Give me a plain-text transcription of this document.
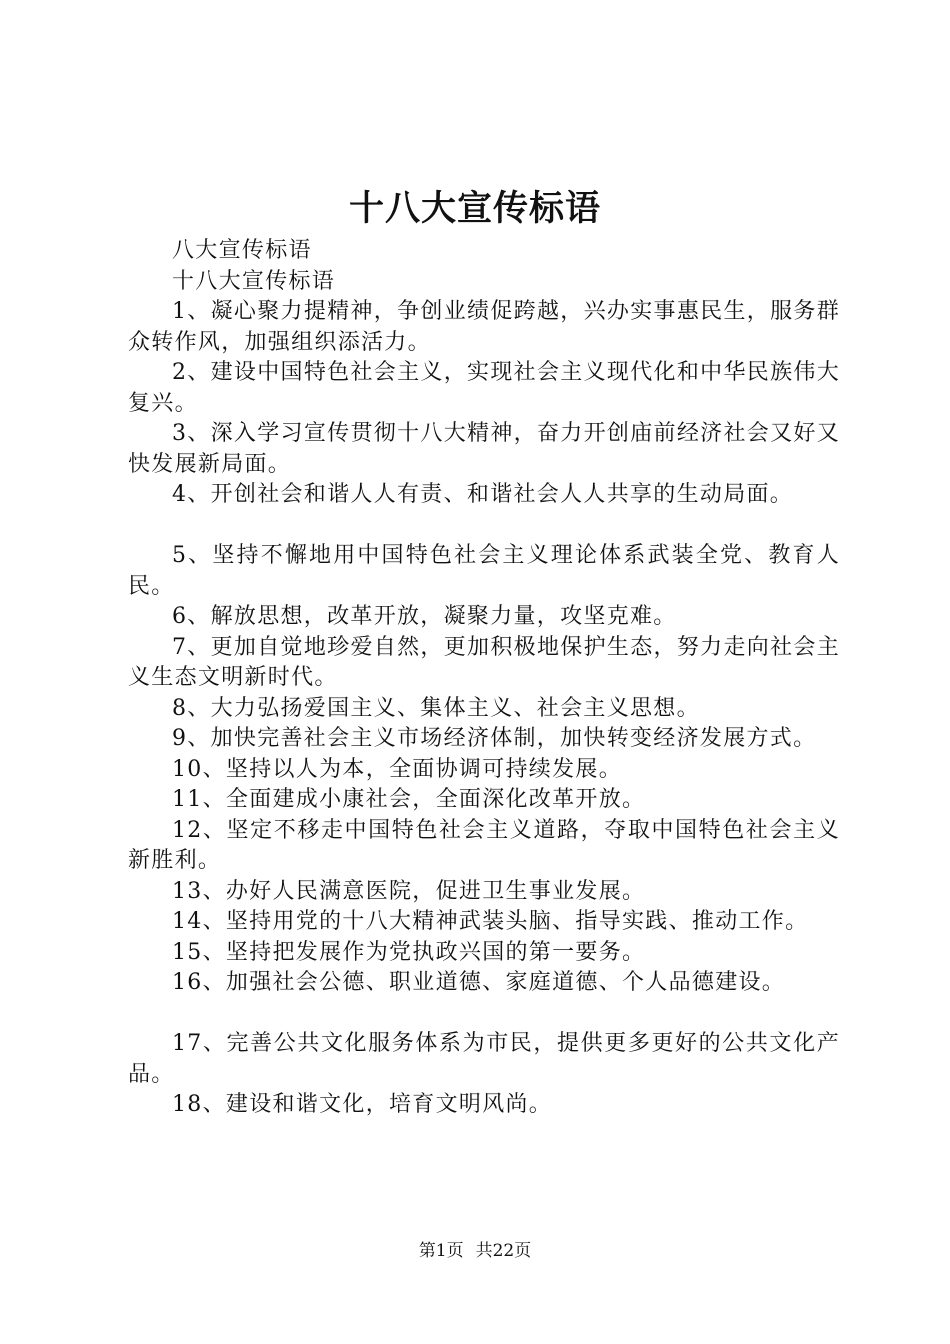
十八大宣传标语

八大宣传标语

十八大宣传标语

1、凝心聚力提精神，争创业绩促跨越，兴办实事惠民生，服务群众转作风，加强组织添活力。

2、建设中国特色社会主义，实现社会主义现代化和中华民族伟大复兴。

3、深入学习宣传贯彻十八大精神，奋力开创庙前经济社会又好又快发展新局面。

4、开创社会和谐人人有责、和谐社会人人共享的生动局面。

5、坚持不懈地用中国特色社会主义理论体系武装全党、教育人民。

6、解放思想，改革开放，凝聚力量，攻坚克难。

7、更加自觉地珍爱自然，更加积极地保护生态，努力走向社会主义生态文明新时代。

8、大力弘扬爱国主义、集体主义、社会主义思想。

9、加快完善社会主义市场经济体制，加快转变经济发展方式。

10、坚持以人为本，全面协调可持续发展。

11、全面建成小康社会，全面深化改革开放。

12、坚定不移走中国特色社会主义道路，夺取中国特色社会主义新胜利。

13、办好人民满意医院，促进卫生事业发展。

14、坚持用党的十八大精神武装头脑、指导实践、推动工作。

15、坚持把发展作为党执政兴国的第一要务。

16、加强社会公德、职业道德、家庭道德、个人品德建设。

17、完善公共文化服务体系为市民，提供更多更好的公共文化产品。

18、建设和谐文化，培育文明风尚。

第1页 共22页
